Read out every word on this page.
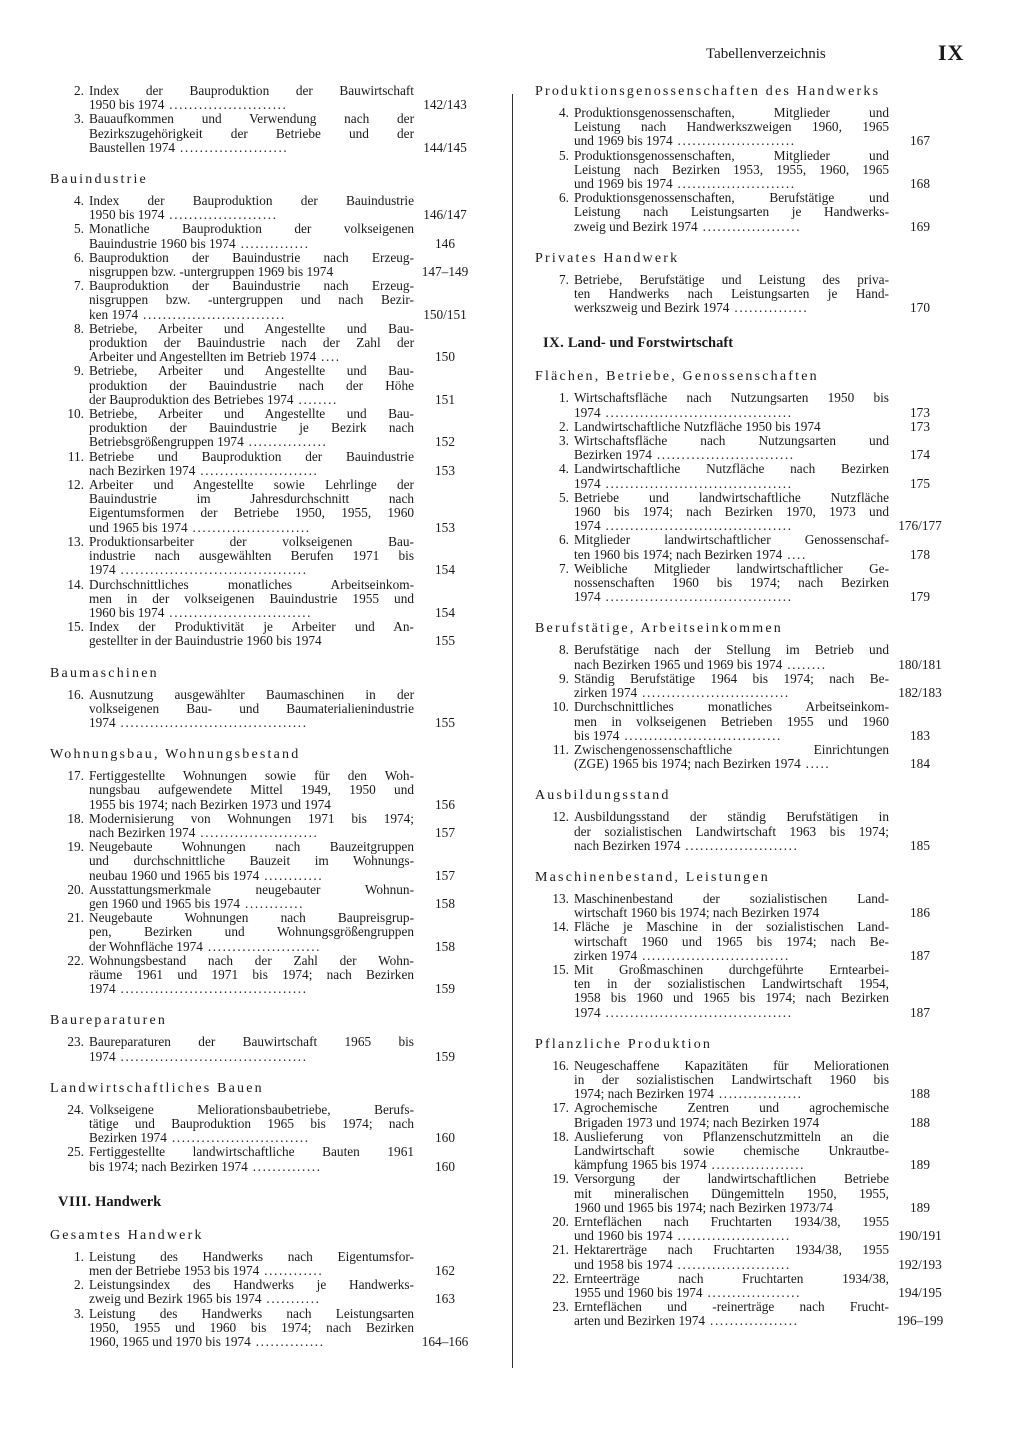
Tabellenverzeichnis	IX
2. Index der Bauproduktion der Bauwirtschaft
1950 bis 1974 ........................	142/143
3. Bauaufkommen und Verwendung nach der
Bezirkszugehörigkeit der Betriebe und der
Baustellen 1974 ......................	144/145
Bauindustrie
4. Index der Bauproduktion der Bauindustrie
1950 bis 1974 ......................	146/147
5. Monatliche Bauproduktion der volkseigenen
Bauindustrie 1960 bis 1974 ..............	146
6. Bauproduktion der Bauindustrie nach Erzeug-
nisgruppen bzw. -untergruppen 1969 bis 1974	147–149
7. Bauproduktion der Bauindustrie nach Erzeug-
nisgruppen bzw. -untergruppen und nach Bezir-
ken 1974 .............................	150/151
8. Betriebe, Arbeiter und Angestellte und Bau-
produktion der Bauindustrie nach der Zahl der
Arbeiter und Angestellten im Betrieb 1974 ....	150
9. Betriebe, Arbeiter und Angestellte und Bau-
produktion der Bauindustrie nach der Höhe
der Bauproduktion des Betriebes 1974 ........	151
10. Betriebe, Arbeiter und Angestellte und Bau-
produktion der Bauindustrie je Bezirk nach
Betriebsgrößengruppen 1974 ................	152
11. Betriebe und Bauproduktion der Bauindustrie
nach Bezirken 1974 ........................	153
12. Arbeiter und Angestellte sowie Lehrlinge der
Bauindustrie im Jahresdurchschnitt nach
Eigentumsformen der Betriebe 1950, 1955, 1960
und 1965 bis 1974 ........................	153
13. Produktionsarbeiter der volkseigenen Bau-
industrie nach ausgewählten Berufen 1971 bis
1974 ......................................	154
14. Durchschnittliches monatliches Arbeitseinkom-
men in der volkseigenen Bauindustrie 1955 und
1960 bis 1974 .............................	154
15. Index der Produktivität je Arbeiter und An-
gestellter in der Bauindustrie 1960 bis 1974	155
Baumaschinen
16. Ausnutzung ausgewählter Baumaschinen in der
volkseigenen Bau- und Baumaterialienindustrie
1974 ......................................	155
Wohnungsbau, Wohnungsbestand
17. Fertiggestellte Wohnungen sowie für den Woh-
nungsbau aufgewendete Mittel 1949, 1950 und
1955 bis 1974; nach Bezirken 1973 und 1974	156
18. Modernisierung von Wohnungen 1971 bis 1974;
nach Bezirken 1974 ........................	157
19. Neugebaute Wohnungen nach Bauzeitgruppen
und durchschnittliche Bauzeit im Wohnungs-
neubau 1960 und 1965 bis 1974 ............	157
20. Ausstattungsmerkmale neugebauter Wohnun-
gen 1960 und 1965 bis 1974 ............	158
21. Neugebaute Wohnungen nach Baupreisgrup-
pen, Bezirken und Wohnungsgrößengruppen
der Wohnfläche 1974 .......................	158
22. Wohnungsbestand nach der Zahl der Wohn-
räume 1961 und 1971 bis 1974; nach Bezirken
1974 ......................................	159
Baureparaturen
23. Baureparaturen der Bauwirtschaft 1965 bis
1974 ......................................	159
Landwirtschaftliches Bauen
24. Volkseigene Meliorationsbaubetriebe, Berufs-
tätige und Bauproduktion 1965 bis 1974; nach
Bezirken 1974 ............................	160
25. Fertiggestellte landwirtschaftliche Bauten 1961
bis 1974; nach Bezirken 1974 ..............	160
VIII. Handwerk
Gesamtes Handwerk
1. Leistung des Handwerks nach Eigentumsfor-
men der Betriebe 1953 bis 1974 ............	162
2. Leistungsindex des Handwerks je Handwerks-
zweig und Bezirk 1965 bis 1974 ...........	163
3. Leistung des Handwerks nach Leistungsarten
1950, 1955 und 1960 bis 1974; nach Bezirken
1960, 1965 und 1970 bis 1974 ..............	164–166
Produktionsgenossenschaften des Handwerks
4. Produktionsgenossenschaften, Mitglieder und
Leistung nach Handwerkszweigen 1960, 1965
und 1969 bis 1974 ........................	167
5. Produktionsgenossenschaften, Mitglieder und
Leistung nach Bezirken 1953, 1955, 1960, 1965
und 1969 bis 1974 ........................	168
6. Produktionsgenossenschaften, Berufstätige und
Leistung nach Leistungsarten je Handwerks-
zweig und Bezirk 1974 ....................	169
Privates Handwerk
7. Betriebe, Berufstätige und Leistung des priva-
ten Handwerks nach Leistungsarten je Hand-
werkszweig und Bezirk 1974 ...............	170
IX. Land- und Forstwirtschaft
Flächen, Betriebe, Genossenschaften
1. Wirtschaftsfläche nach Nutzungsarten 1950 bis
1974 ......................................	173
2. Landwirtschaftliche Nutzfläche 1950 bis 1974	173
3. Wirtschaftsfläche nach Nutzungsarten und
Bezirken 1974 ............................	174
4. Landwirtschaftliche Nutzfläche nach Bezirken
1974 ......................................	175
5. Betriebe und landwirtschaftliche Nutzfläche
1960 bis 1974; nach Bezirken 1970, 1973 und
1974 ......................................	176/177
6. Mitglieder landwirtschaftlicher Genossenschaf-
ten 1960 bis 1974; nach Bezirken 1974 ....	178
7. Weibliche Mitglieder landwirtschaftlicher Ge-
nossenschaften 1960 bis 1974; nach Bezirken
1974 ......................................	179
Berufstätige, Arbeitseinkommen
8. Berufstätige nach der Stellung im Betrieb und
nach Bezirken 1965 und 1969 bis 1974 ........	180/181
9. Ständig Berufstätige 1964 bis 1974; nach Be-
zirken 1974 ..............................	182/183
10. Durchschnittliches monatliches Arbeitseinkom-
men in volkseigenen Betrieben 1955 und 1960
bis 1974 ................................	183
11. Zwischengenossenschaftliche Einrichtungen
(ZGE) 1965 bis 1974; nach Bezirken 1974 .....	184
Ausbildungsstand
12. Ausbildungsstand der ständig Berufstätigen in
der sozialistischen Landwirtschaft 1963 bis 1974;
nach Bezirken 1974 .......................	185
Maschinenbestand, Leistungen
13. Maschinenbestand der sozialistischen Land-
wirtschaft 1960 bis 1974; nach Bezirken 1974	186
14. Fläche je Maschine in der sozialistischen Land-
wirtschaft 1960 und 1965 bis 1974; nach Be-
zirken 1974 ..............................	187
15. Mit Großmaschinen durchgeführte Erntearbei-
ten in der sozialistischen Landwirtschaft 1954,
1958 bis 1960 und 1965 bis 1974; nach Bezirken
1974 ......................................	187
Pflanzliche Produktion
16. Neugeschaffene Kapazitäten für Meliorationen
in der sozialistischen Landwirtschaft 1960 bis
1974; nach Bezirken 1974 .................	188
17. Agrochemische Zentren und agrochemische
Brigaden 1973 und 1974; nach Bezirken 1974	188
18. Auslieferung von Pflanzenschutzmitteln an die
Landwirtschaft sowie chemische Unkrautbe-
kämpfung 1965 bis 1974 ...................	189
19. Versorgung der landwirtschaftlichen Betriebe
mit mineralischen Düngemitteln 1950, 1955,
1960 und 1965 bis 1974; nach Bezirken 1973/74	189
20. Ernteflächen nach Fruchtarten 1934/38, 1955
und 1960 bis 1974 .......................	190/191
21. Hektarerträge nach Fruchtarten 1934/38, 1955
und 1958 bis 1974 .......................	192/193
22. Ernteerträge nach Fruchtarten 1934/38,
1955 und 1960 bis 1974 ...................	194/195
23. Ernteflächen und -reinerträge nach Frucht-
arten und Bezirken 1974 ..................	196–199
